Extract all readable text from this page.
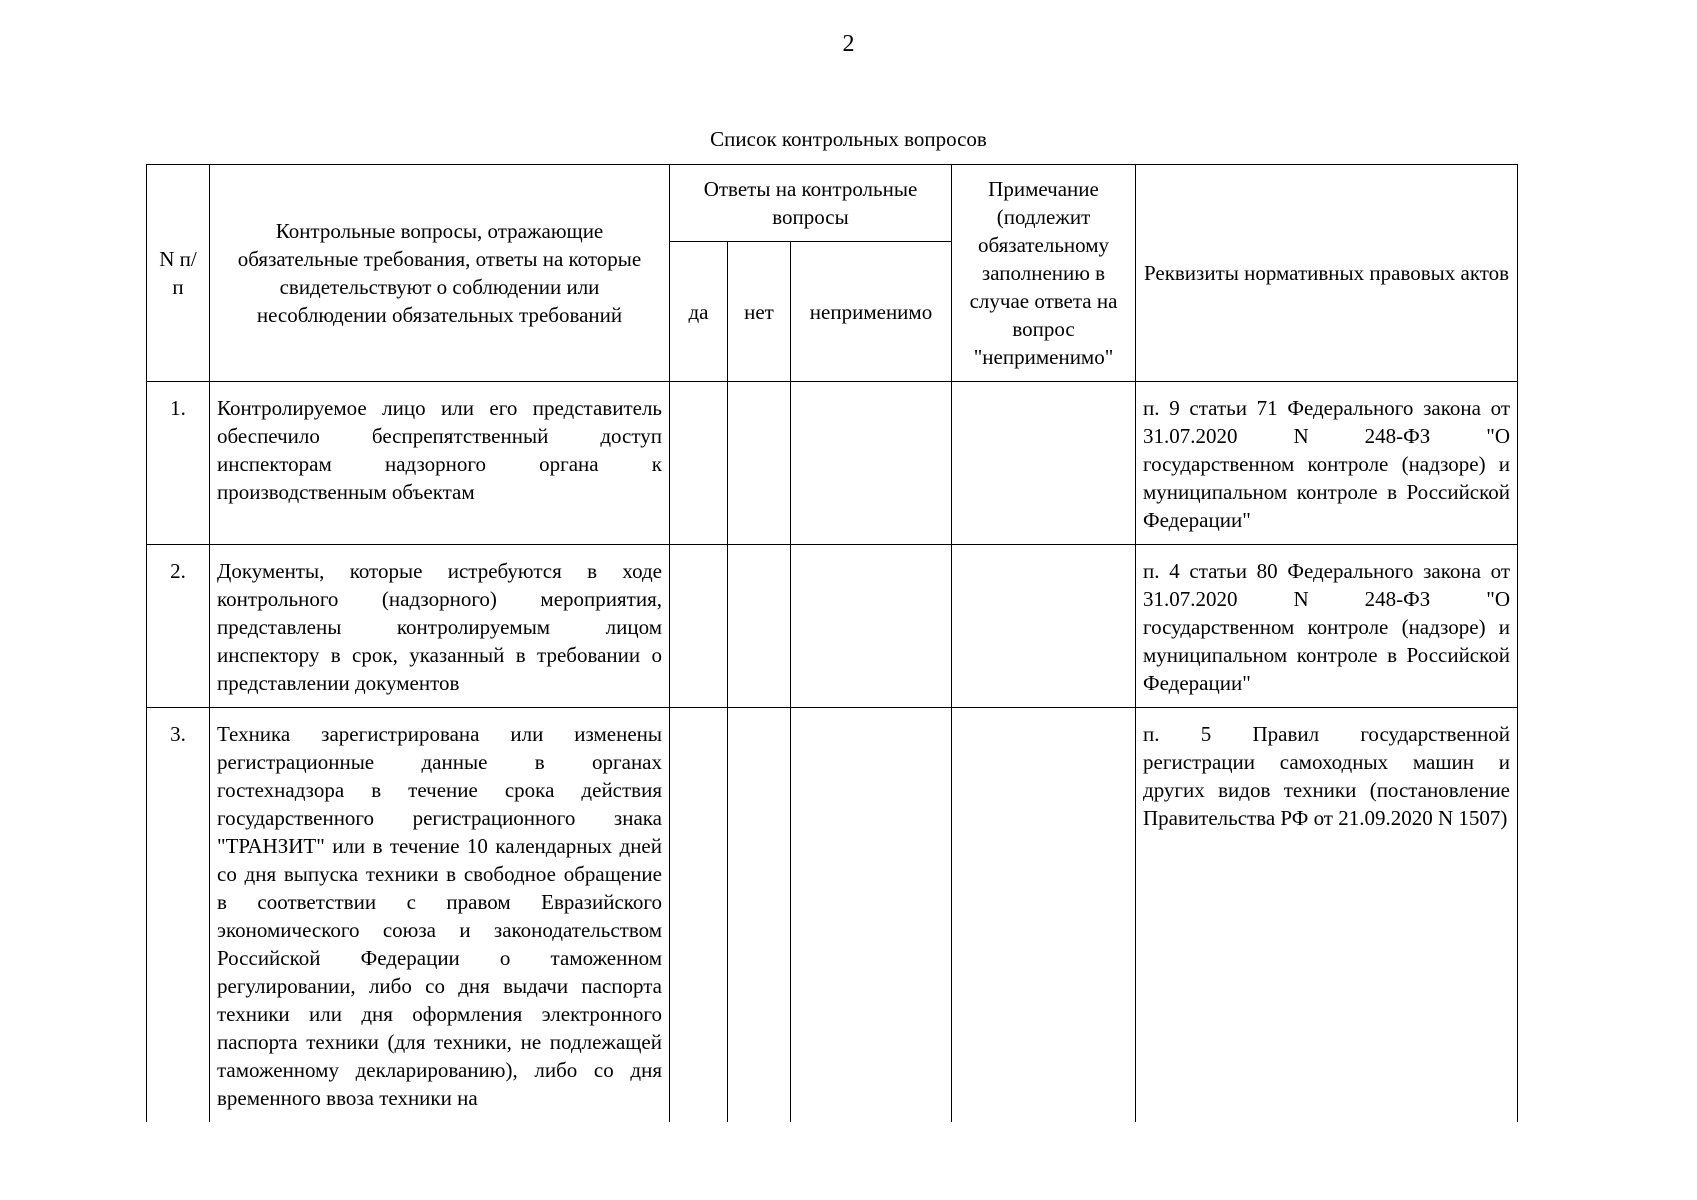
2
Список контрольных вопросов
N п/п	Контрольные вопросы, отражающие обязательные требования, ответы на которые свидетельствуют о соблюдении или несоблюдении обязательных требований	Ответы на контрольные вопросы			Примечание (подлежит обязательному заполнению в случае ответа на вопрос "неприменимо"	Реквизиты нормативных правовых актов
		да	нет	неприменимо		
1.	Контролируемое лицо или его представитель обеспечило беспрепятственный доступ инспекторам надзорного органа к производственным объектам					п. 9 статьи 71 Федерального закона от 31.07.2020 N 248-ФЗ "О государственном контроле (надзоре) и муниципальном контроле в Российской Федерации"
2.	Документы, которые истребуются в ходе контрольного (надзорного) мероприятия, представлены контролируемым лицом инспектору в срок, указанный в требовании о представлении документов					п. 4 статьи 80 Федерального закона от 31.07.2020 N 248-ФЗ "О государственном контроле (надзоре) и муниципальном контроле в Российской Федерации"
3.	Техника зарегистрирована или изменены регистрационные данные в органах гостехнадзора в течение срока действия государственного регистрационного знака "ТРАНЗИТ" или в течение 10 календарных дней со дня выпуска техники в свободное обращение в соответствии с правом Евразийского экономического союза и законодательством Российской Федерации о таможенном регулировании, либо со дня выдачи паспорта техники или дня оформления электронного паспорта техники (для техники, не подлежащей таможенному декларированию), либо со дня временного ввоза техники на					п. 5 Правил государственной регистрации самоходных машин и других видов техники (постановление Правительства РФ от 21.09.2020 N 1507)
